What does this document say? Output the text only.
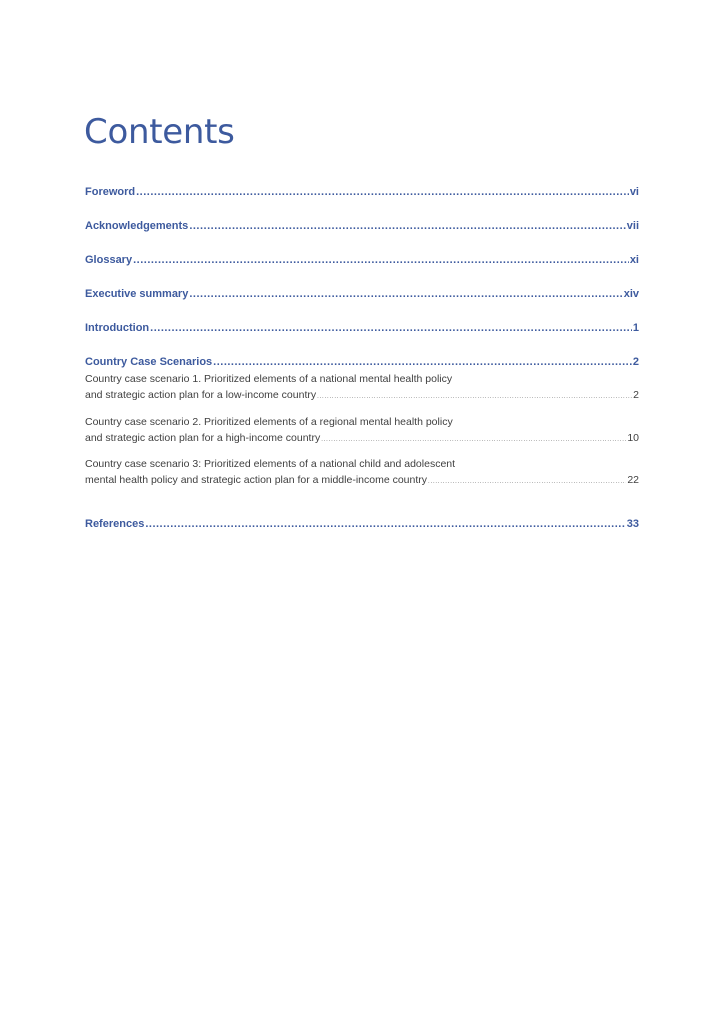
Contents
Foreword .....	vi
Acknowledgements .....	vii
Glossary .....	xi
Executive summary .....	xiv
Introduction .....	1
Country Case Scenarios .....	2
Country case scenario 1. Prioritized elements of a national mental health policy
and strategic action plan for a low-income country .....	2
Country case scenario 2. Prioritized elements of a regional mental health policy
and strategic action plan for a high-income country .....	10
Country case scenario 3: Prioritized elements of a national child and adolescent
mental health policy and strategic action plan for a middle-income country .....	22
References .....	33
